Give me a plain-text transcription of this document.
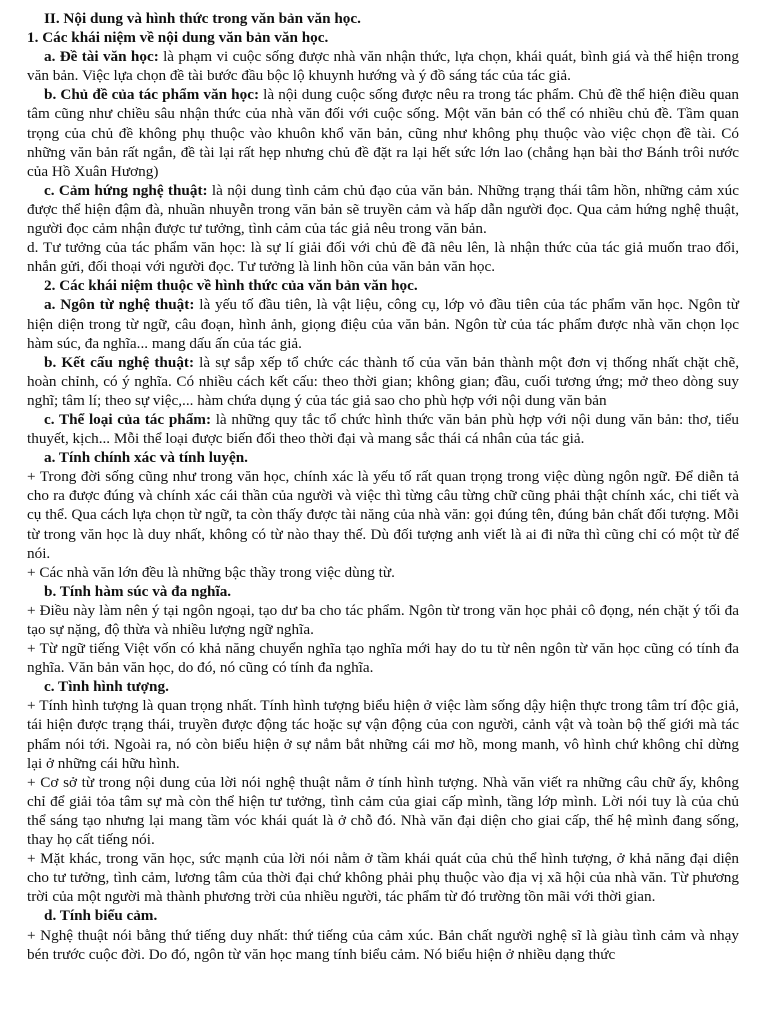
II. Nội dung và hình thức trong văn bản văn học.

1. Các khái niệm về nội dung văn bản văn học.

a. Đề tài văn học: là phạm vi cuộc sống được nhà văn nhận thức, lựa chọn, khái quát, bình giá và thể hiện trong văn bản. Việc lựa chọn đề tài bước đầu bộc lộ khuynh hướng và ý đồ sáng tác của tác giả.

b. Chủ đề của tác phẩm văn học: là nội dung cuộc sống được nêu ra trong tác phẩm. Chủ đề thể hiện điều quan tâm cũng như chiều sâu nhận thức của nhà văn đối với cuộc sống. Một văn bản có thể có nhiều chủ đề. Tầm quan trọng của chủ đề không phụ thuộc vào khuôn khổ văn bản, cũng như không phụ thuộc vào việc chọn đề tài. Có những văn bản rất ngắn, đề tài lại rất hẹp nhưng chủ đề đặt ra lại hết sức lớn lao (chẳng hạn bài thơ Bánh trôi nước của Hồ Xuân Hương)

c. Cảm hứng nghệ thuật: là nội dung tình cảm chủ đạo của văn bản. Những trạng thái tâm hồn, những cảm xúc được thể hiện đậm đà, nhuần nhuyễn trong văn bản sẽ truyền cảm và hấp dẫn người đọc. Qua cảm hứng nghệ thuật, người đọc cảm nhận được tư tưởng, tình cảm của tác giả nêu trong văn bản.

d. Tư tưởng của tác phẩm văn học: là sự lí giải đối với chủ đề đã nêu lên, là nhận thức của tác giả muốn trao đổi, nhắn gửi, đối thoại với người đọc. Tư tưởng là linh hồn của văn bản văn học.

2. Các khái niệm thuộc về hình thức của văn bản văn học.

a. Ngôn từ nghệ thuật: là yếu tố đầu tiên, là vật liệu, công cụ, lớp vỏ đầu tiên của tác phẩm văn học. Ngôn từ hiện diện trong từ ngữ, câu đoạn, hình ảnh, giọng điệu của văn bản. Ngôn từ của tác phẩm được nhà văn chọn lọc hàm súc, đa nghĩa... mang dấu ấn của tác giả.

b. Kết cấu nghệ thuật: là sự sắp xếp tổ chức các thành tố của văn bản thành một đơn vị thống nhất chặt chẽ, hoàn chỉnh, có ý nghĩa. Có nhiều cách kết cấu: theo thời gian; không gian; đầu, cuối tương ứng; mở theo dòng suy nghĩ; tâm lí; theo sự việc,... hàm chứa dụng ý của tác giả sao cho phù hợp với nội dung văn bản

c. Thể loại của tác phẩm: là những quy tắc tổ chức hình thức văn bản phù hợp với nội dung văn bản: thơ, tiểu thuyết, kịch... Mỗi thể loại được biến đổi theo thời đại và mang sắc thái cá nhân của tác giả.

a. Tính chính xác và tính luyện.

+ Trong đời sống cũng như trong văn học, chính xác là yếu tố rất quan trọng trong việc dùng ngôn ngữ. Để diễn tả cho ra được đúng và chính xác cái thần của người và việc thì từng câu từng chữ cũng phải thật chính xác, chi tiết và cụ thể. Qua cách lựa chọn từ ngữ, ta còn thấy được tài năng của nhà văn: gọi đúng tên, đúng bản chất đối tượng. Mỗi từ trong văn học là duy nhất, không có từ nào thay thế. Dù đối tượng anh viết là ai đi nữa thì cũng chỉ có một từ để nói.

+ Các nhà văn lớn đều là những bậc thầy trong việc dùng từ.

b. Tính hàm súc và đa nghĩa.

+ Điều này làm nên ý tại ngôn ngoại, tạo dư ba cho tác phẩm. Ngôn từ trong văn học phải cô đọng, nén chặt ý tối đa tạo sự nặng, độ thừa và nhiều lượng ngữ nghĩa.

+ Từ ngữ tiếng Việt vốn có khả năng chuyển nghĩa tạo nghĩa mới hay do tu từ nên ngôn từ văn học cũng có tính đa nghĩa. Văn bản văn học, do đó, nó cũng có tính đa nghĩa.

c. Tình hình tượng.

+ Tính hình tượng là quan trọng nhất. Tính hình tượng biểu hiện ở việc làm sống dậy hiện thực trong tâm trí độc giả, tái hiện được trạng thái, truyền được động tác hoặc sự vận động của con người, cảnh vật và toàn bộ thế giới mà tác phẩm nói tới. Ngoài ra, nó còn biểu hiện ở sự nắm bắt những cái mơ hồ, mong manh, vô hình chứ không chỉ dừng lại ở những cái hữu hình.

+ Cơ sở từ trong nội dung của lời nói nghệ thuật nằm ở tính hình tượng. Nhà văn viết ra những câu chữ ấy, không chỉ để giải tỏa tâm sự mà còn thể hiện tư tưởng, tình cảm của giai cấp mình, tầng lớp mình. Lời nói tuy là của chủ thể sáng tạo nhưng lại mang tầm vóc khái quát là ở chỗ đó. Nhà văn đại diện cho giai cấp, thế hệ mình đang sống, thay họ cất tiếng nói.

+ Mặt khác, trong văn học, sức mạnh của lời nói nằm ở tầm khái quát của chủ thể hình tượng, ở khả năng đại diện cho tư tưởng, tình cảm, lương tâm của thời đại chứ không phải phụ thuộc vào địa vị xã hội của nhà văn. Từ phương trời của một người mà thành phương trời của nhiều người, tác phẩm từ đó trường tồn mãi với thời gian.

d. Tính biểu cảm.

+ Nghệ thuật nói bằng thứ tiếng duy nhất: thứ tiếng của cảm xúc. Bản chất người nghệ sĩ là giàu tình cảm và nhạy bén trước cuộc đời. Do đó, ngôn từ văn học mang tính biểu cảm. Nó biểu hiện ở nhiều dạng thức
